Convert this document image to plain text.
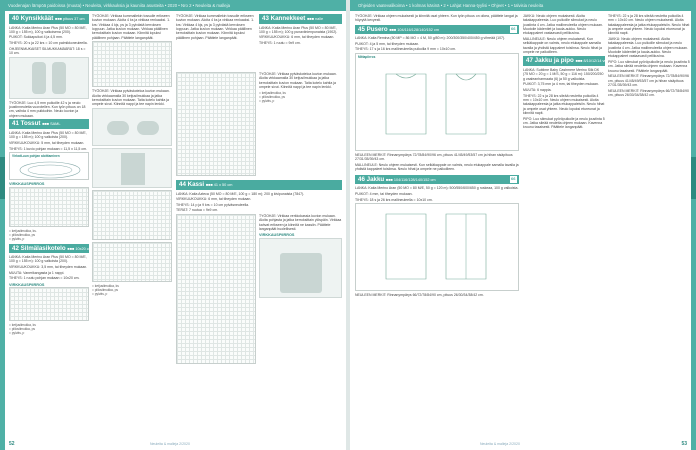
Vuodenajan lämpöä paidoissa (muuta) • Neuleita, virkkauksia ja kauniita asusteita • 2020 • Nro 2 • Neuleita & malleja	Ohjeiden vaatevalikoima • 1 kolmas käsinä • 2 • Lahjat Hanna-tyylisi • Ohjeet • 1 • talvisia neuleita
40 Kynsikkäät ■■■ pituus 37 cm

LANKA: Katia Merino Aran Plus (50 MO = 80 M/E, 100 g = 155 m), 100 g valkoisena (200).

PUIKOT: Sukkapuikot 4 ja 4,5 mm.

TIHEYS: 20 s ja 22 krs = 10 cm palmikkoneuleella.

OHJEENMUKAISET SILMUKKAMÄÄRÄT: 18 s = 10 cm.

TYÖOHJE: Luo 4,5 mm puikoille 42 s ja neulo joustinneuletta vuorotellen. Kun työn pituus on 18 cm, vaihda 4 mm puikkoihin. Neulo kuvion ja ohjeen mukaan.

41 Tossut ■■■ SAML

LANKA: Katia Merino Aran Plus (50 MO = 80 M/E, 100 g = 155 m); 100 g valkoista (200).

VIRKKUUKOUKKU: 5 mm, tai tiheyden mukaan.

TIHEYS: 1 kuvio pohjan mukaan = 11,5 x 11,5 cm.

Virkatt-uun pohjan aloittaminen
VIRKKAUSPIIRROS
= ketjusilmukka, ks.
= piilosilmukka, ps
= pylväs, p
42 Silmälasikotelo ■■■ 10x20 cm

LANKA: Katia Merino Aran Plus (50 MO = 80 M/E, 100 g = 155 m): 100 g valkoista (200).

VIRKKUUKOUKKU: 3,5 mm, tai tiheyden mukaan.

MUUTA: Vanerikangasta ja 1 nappi.

TIHEYS: 1 ruutu pohjan mukaan = 10x20 cm.

VIRKKAUSPIIRROS
= ketjusilmukka, ks
= piilosilmukka, ps
= pylväs, p

TYÖOHJE: Virkkaa kummallekin tossulle erikseen kuvion mukaan. Aloita 4 ks ja virkkaa renkaaksi. 1. krs: Virkkaa 4 kjs, ps ja 3 pylvästä kerroksen loppuun. Jatka kuvion mukaan. Virkkaa päällinen kerroksittain kuvion mukaan. Kiinnitä lopuksi päällinen pohjaan. Päättele langanpäät.

TYÖOHJE: Virkkaa pylväskoteloa kuvion mukaan. Aloita virkkaamalla 30 ketjusilmukkaa ja jatka kerroksittain kuvion mukaan. Taita kotelo kahtia ja ompele sivut. Kiinnitä nappi ja tee napin lenkki.

= ketjusilmukka, ks
= piilosilmukka, ps
= pylväs, p

TYÖOHJE: Virkkaa kummallekin tossulle erikseen kuvion mukaan. Aloita 4 ks ja virkkaa renkaaksi. 1. krs: Virkkaa 4 kjs, ps ja 3 pylvästä kerroksen loppuun. Jatka kuvion mukaan. Virkkaa päällinen kerroksittain kuvion mukaan. Kiinnitä lopuksi päällinen pohjaan. Päättele langanpäät.

43 Kannekkeet ■■■ nalle

LANKA: Katia Merino Aran Plus (50 MO = 80 M/E, 100 g = 155 m); 100 g punaviinienpunaista (1902).

VIRKKUUKOUKKU: 6 mm, tai tiheyden mukaan.

TIHEYS: 1 ruutu = 9x9 cm.

TYÖOHJE: Virkkaa pylväskoteloa kuvion mukaan. Aloita virkkaamalla 30 ketjusilmukkaa ja jatka kerroksittain kuvion mukaan. Taita kotelo kahtia ja ompele sivut. Kiinnitä nappi ja tee napin lenkki.

= ketjusilmukka, ks
= piilosilmukka, ps
= pylväs, p
44 Kassi ■■■ 41 x 50 cm

LANKA: Katia Azteca (50 MO = 80 M/E, 100 g = 180 m); 200 g kivipunaista (7847).

VIRKKUUKOUKKU: 6 mm, tai tiheyden mukaan.

TIHEYS: 14 p ja 9 krs = 10 cm pylväsneuleella.

TERÄT: 7 ruutua = 9x9 cm.

TYÖOHJE: Virkkaa verkkokassia kuvion mukaan. Aloita pohjasta ja jatka kerroksittain ylöspäin. Virkkaa kahvat erikseen ja kiinnitä ne kassiin. Päättele langanpäät huolellisesti.

VIRKKAUSPIIRROS
52	Neuleita & malleja 2/2020

TYÖOHJE: Virkkaa ohjeen mukaisesti ja kiinnitä osat yhteen. Kun työn pituus on oikea, päättele langat ja höyrytä kevyesti.

45 Pusero ■■■ 104/116/128/140/152 cm	66

LANKA: Katia Remina (50 MP = 86 MO = 4 M, 50 g/80 m): 200/300/350/400/450 g vihreää (107).

PUIKOT: 4 ja 5 mm, tai tiheyden mukaan.

TIHEYS: 17 s ja 16 krs mallineuleella puikoilla 9 mm = 10x10 cm.

Mittapiirros

NEULEEN MERKIT: Rinnanympärys 72/78/84/90/96 cm, pituus 41/45/49/53/57 cm ja hihan sisäpituus 27/31/35/39/43 cm.

MALLINEULE: Neulo ohjeen mukaisesti. Kun selkäkappale on valmis, neulo etukappale samalla tavalla ja yhdistä kappaleet toisiinsa. Neulo hihat ja ompele ne paikoilleen.

46 Jakku ■■■ 104/116/128/140/152 cm	66

LANKA: Katia Merino Aran (50 MO = 80 M/E, 50 g = 120 m): 500/550/600/650 g ruskeaa, 100 g valkoista.

PUIKOT: 4 mm, tai tiheyden mukaan.

TIHEYS: 18 s ja 26 krs mallineuleella = 10x10 cm.

NEULEEN MERKIT: Rinnanympärys 66/72/78/84/90 cm, pituus 26/30/34/38/42 cm.

JAKKU: Neulo ohjeen mukaisesti. Aloita takakappaleesta. Luo puikoille silmukat ja neulo joustinta 4 cm. Jatka mallineuleella ohjeen mukaan. Muotoile kädentiet ja kaula-aukko. Neulo etukappaleet vastaavasti peilikuvina.

MALLINEULE: Neulo ohjeen mukaisesti. Kun selkäkappale on valmis, neulo etukappale samalla tavalla ja yhdistä kappaleet toisiinsa. Neulo hihat ja ompele ne paikoilleen.

47 Jakku ja pipo ■■■ 8/10/12/14 vuotta

LANKA: Sublime Baby Cashmere Merino Silk DK (75 MO = 20 g = 1 M/S, 50 g = 116 m): 150/200/250 g vaaleanharmaata (6) ja 50 g valkoista.

PUIKOT: 3,75 mm ja 4 mm, tai tiheyden mukaan.

MUUTA: 6 nappia.

TIHEYS: 22 s ja 28 krs sileää neuletta puikoilla 4 mm = 10x10 cm. Neulo ohjeen mukaisesti. Aloita takakappaleesta ja jatka etukappaleisiin. Neulo hihat ja ompele osat yhteen. Neulo lopuksi etureunat ja kiinnitä napit.

PIPO: Luo silmukat pyöröpuikolle ja neulo joustinta 5 cm. Jatka sileää neuletta ohjeen mukaan. Kavenna kruunu tasaisesti. Päättele langanpäät.

TIHEYS: 22 s ja 28 krs sileää neuletta puikoilla 4 mm = 10x10 cm. Neulo ohjeen mukaisesti. Aloita takakappaleesta ja jatka etukappaleisiin. Neulo hihat ja ompele osat yhteen. Neulo lopuksi etureunat ja kiinnitä napit.

JAKKU: Neulo ohjeen mukaisesti. Aloita takakappaleesta. Luo puikoille silmukat ja neulo joustinta 4 cm. Jatka mallineuleella ohjeen mukaan. Muotoile kädentiet ja kaula-aukko. Neulo etukappaleet vastaavasti peilikuvina.

PIPO: Luo silmukat pyöröpuikolle ja neulo joustinta 5 cm. Jatka sileää neuletta ohjeen mukaan. Kavenna kruunu tasaisesti. Päättele langanpäät.

NEULEEN MERKIT: Rinnanympärys 72/78/84/90/96 cm, pituus 41/45/49/53/57 cm ja hihan sisäpituus 27/31/35/39/43 cm.

NEULEEN MERKIT: Rinnanympärys 66/72/78/84/90 cm, pituus 26/30/34/38/42 cm.

53
Neuleita & malleja 2/2020
